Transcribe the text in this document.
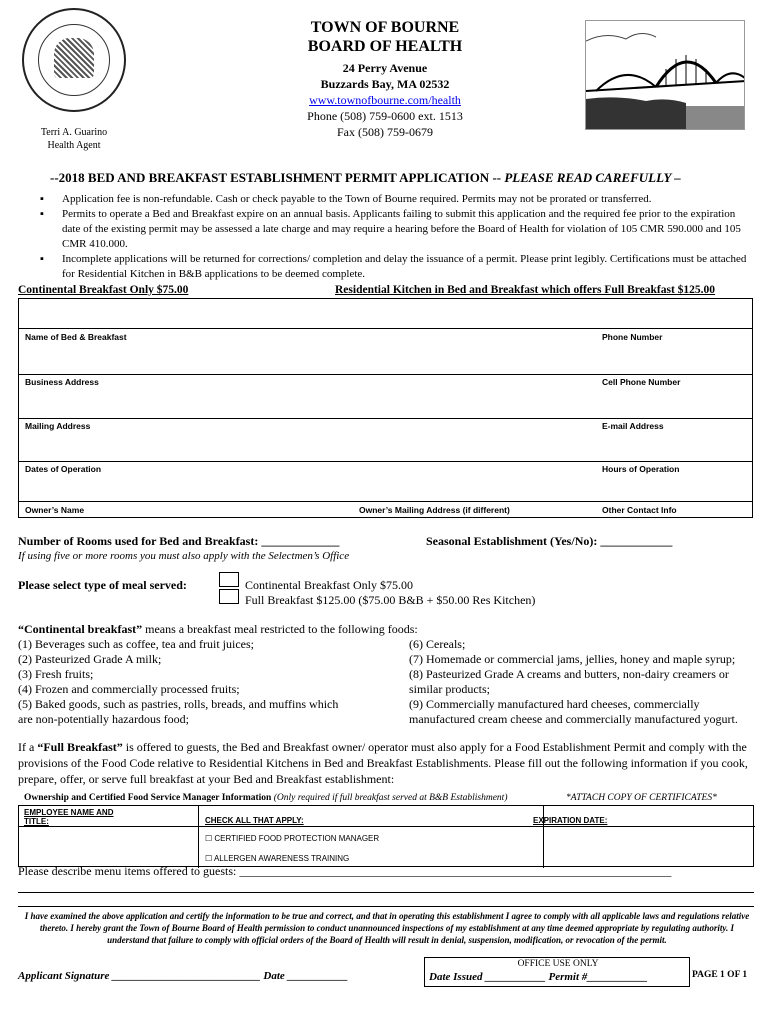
Terri A. Guarino
Health Agent
TOWN OF BOURNE
BOARD OF HEALTH
24 Perry Avenue
Buzzards Bay, MA 02532
www.townofbourne.com/health
Phone (508) 759-0600 ext. 1513
Fax (508) 759-0679
--2018 BED AND BREAKFAST ESTABLISHMENT PERMIT APPLICATION -- PLEASE READ CAREFULLY –
▪ Application fee is non-refundable. Cash or check payable to the Town of Bourne required. Permits may not be prorated or transferred.
▪ Permits to operate a Bed and Breakfast expire on an annual basis. Applicants failing to submit this application and the required fee prior to the expiration date of the existing permit may be assessed a late charge and may require a hearing before the Board of Health for violation of 105 CMR 590.000 and 105 CMR 410.000.
▪ Incomplete applications will be returned for corrections/ completion and delay the issuance of a permit. Please print legibly. Certifications must be attached for Residential Kitchen in B&B applications to be deemed complete.
Continental Breakfast Only $75.00	Residential Kitchen in Bed and Breakfast which offers Full Breakfast $125.00
Name of Bed & Breakfast	Phone Number
Business Address	Cell Phone Number
Mailing Address	E-mail Address
Dates of Operation	Hours of Operation
Owner’s Name	Owner’s Mailing Address (if different)	Other Contact Info
Number of Rooms used for Bed and Breakfast: _____________	Seasonal Establishment (Yes/No): ____________
If using five or more rooms you must also apply with the Selectmen’s Office
Please select type of meal served:	Continental Breakfast Only $75.00
Full Breakfast $125.00 ($75.00 B&B + $50.00 Res Kitchen)
“Continental breakfast” means a breakfast meal restricted to the following foods:
(1) Beverages such as coffee, tea and fruit juices;
(2) Pasteurized Grade A milk;
(3) Fresh fruits;
(4) Frozen and commercially processed fruits;
(5) Baked goods, such as pastries, rolls, breads, and muffins which
are non-potentially hazardous food;
(6) Cereals;
(7) Homemade or commercial jams, jellies, honey and maple syrup;
(8) Pasteurized Grade A creams and butters, non-dairy creamers or
similar products;
(9) Commercially manufactured hard cheeses, commercially
manufactured cream cheese and commercially manufactured yogurt.
If a “Full Breakfast” is offered to guests, the Bed and Breakfast owner/ operator must also apply for a Food Establishment Permit and comply with the provisions of the Food Code relative to Residential Kitchens in Bed and Breakfast Establishments. Please fill out the following information if you cook, prepare, offer, or serve full breakfast at your Bed and Breakfast establishment:
Ownership and Certified Food Service Manager Information (Only required if full breakfast served at B&B Establishment)	*ATTACH COPY OF CERTIFICATES*
EMPLOYEE NAME AND TITLE:	CHECK ALL THAT APPLY:	EXPIRATION DATE:
☐ CERTIFIED FOOD PROTECTION MANAGER
☐ ALLERGEN AWARENESS TRAINING
Please describe menu items offered to guests: ________________________________________________________________________
I have examined the above application and certify the information to be true and correct, and that in operating this establishment I agree to comply with all applicable laws and regulations relative thereto. I hereby grant the Town of Bourne Board of Health permission to conduct unannounced inspections of my establishment at any time deemed appropriate by regulating authority. I understand that failure to comply with official orders of the Board of Health will result in denial, suspension, modification, or revocation of the permit.
Applicant Signature ___________________________ Date ___________
OFFICE USE ONLY
Date Issued ___________ Permit #___________	PAGE 1 OF 1
